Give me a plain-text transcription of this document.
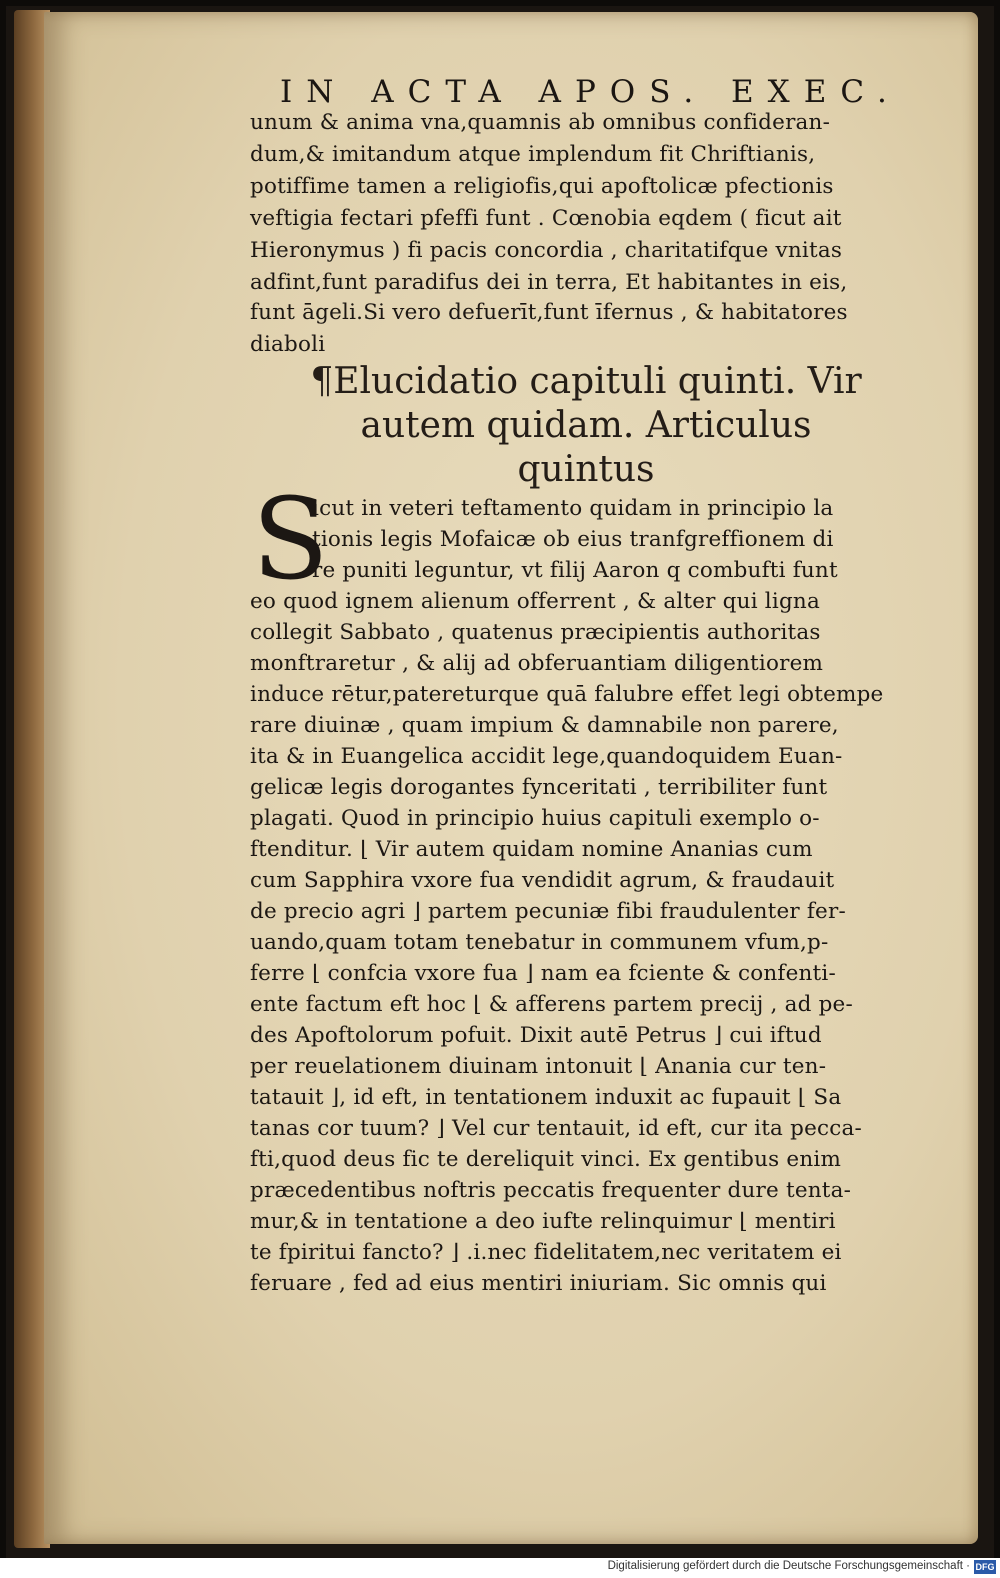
IN ACTA APOS. EXEC.
unum & anima vna,quamnis ab omnibus confideran-
dum,& imitandum atque implendum fit Chriftianis,
potiffime tamen a religiofis,qui apoftolicæ pfectionis
veftigia fectari pfeffi funt . Cœnobia eqdem ( ficut ait
Hieronymus ) fi pacis concordia , charitatifque vnitas
adfint,funt paradifus dei in terra, Et habitantes in eis,
funt āgeli.Si vero defuerīt,funt īfernus , & habitatores
diaboli
¶Elucidatio capituli quinti. Vir
autem quidam. Articulus
quintus
S
icut in veteri teftamento quidam in principio la
tionis legis Mofaicæ ob eius tranfgreffionem di
re puniti leguntur, vt filij Aaron q combufti funt
eo quod ignem alienum offerrent , & alter qui ligna
collegit Sabbato , quatenus præcipientis authoritas
monftraretur , & alij ad obferuantiam diligentiorem
induce rētur,patereturque quā falubre effet legi obtempe
rare diuinæ , quam impium & damnabile non parere,
ita & in Euangelica accidit lege,quandoquidem Euan-
gelicæ legis dorogantes fynceritati , terribiliter funt
plagati. Quod in principio huius capituli exemplo o-
ftenditur. ⌊ Vir autem quidam nomine Ananias cum
cum Sapphira vxore fua vendidit agrum, & fraudauit
de precio agri ⌋ partem pecuniæ fibi fraudulenter fer-
uando,quam totam tenebatur in communem vfum,p-
ferre ⌊ confcia vxore fua ⌋ nam ea fciente & confenti-
ente factum eft hoc ⌊ & afferens partem precij , ad pe-
des Apoftolorum pofuit. Dixit autē Petrus ⌋ cui iftud
per reuelationem diuinam intonuit ⌊ Anania cur ten-
tatauit ⌋, id eft, in tentationem induxit ac fupauit ⌊ Sa
tanas cor tuum? ⌋ Vel cur tentauit, id eft, cur ita pecca-
fti,quod deus fic te dereliquit vinci. Ex gentibus enim
præcedentibus noftris peccatis frequenter dure tenta-
mur,& in tentatione a deo iufte relinquimur ⌊ mentiri
te fpiritui fancto? ⌋ .i.nec fidelitatem,nec veritatem ei
feruare , fed ad eius mentiri iniuriam. Sic omnis qui
Digitalisierung gefördert durch die Deutsche Forschungsgemeinschaft · DFG
